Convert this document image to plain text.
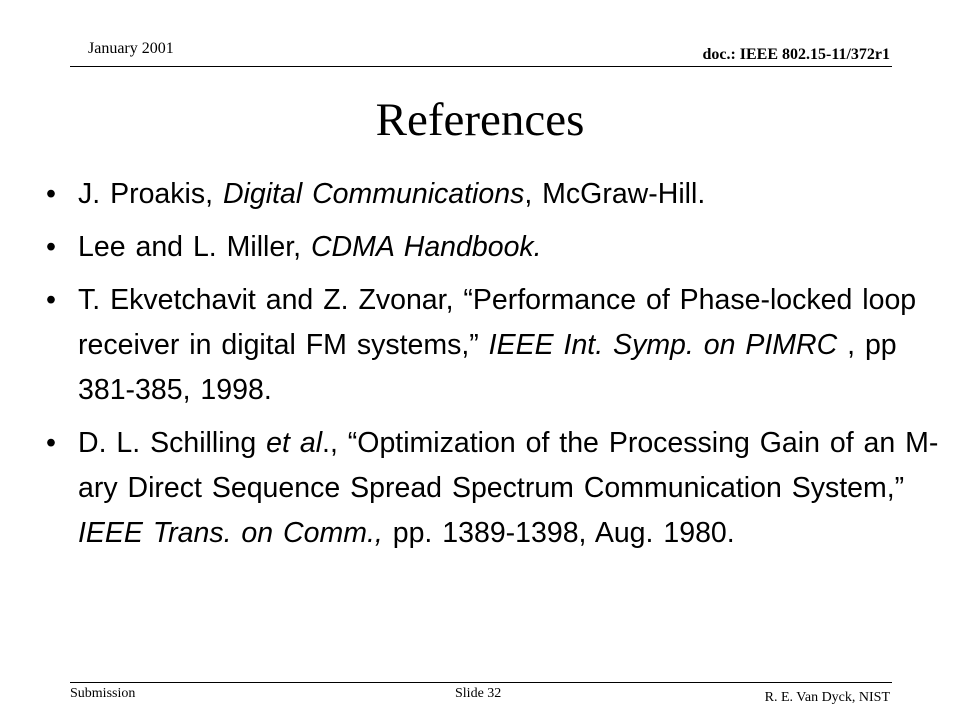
January 2001	doc.: IEEE 802.15-11/372r1
References
• J. Proakis, Digital Communications, McGraw-Hill.
• Lee and L. Miller, CDMA Handbook.
• T. Ekvetchavit and Z. Zvonar, “Performance of Phase-locked loop receiver in digital FM systems,” IEEE Int. Symp. on PIMRC , pp 381-385, 1998.
• D. L. Schilling et al., “Optimization of the Processing Gain of an M-ary Direct Sequence Spread Spectrum Communication System,” IEEE Trans. on Comm., pp. 1389-1398, Aug. 1980.
Submission	Slide 32	R. E. Van Dyck, NIST
